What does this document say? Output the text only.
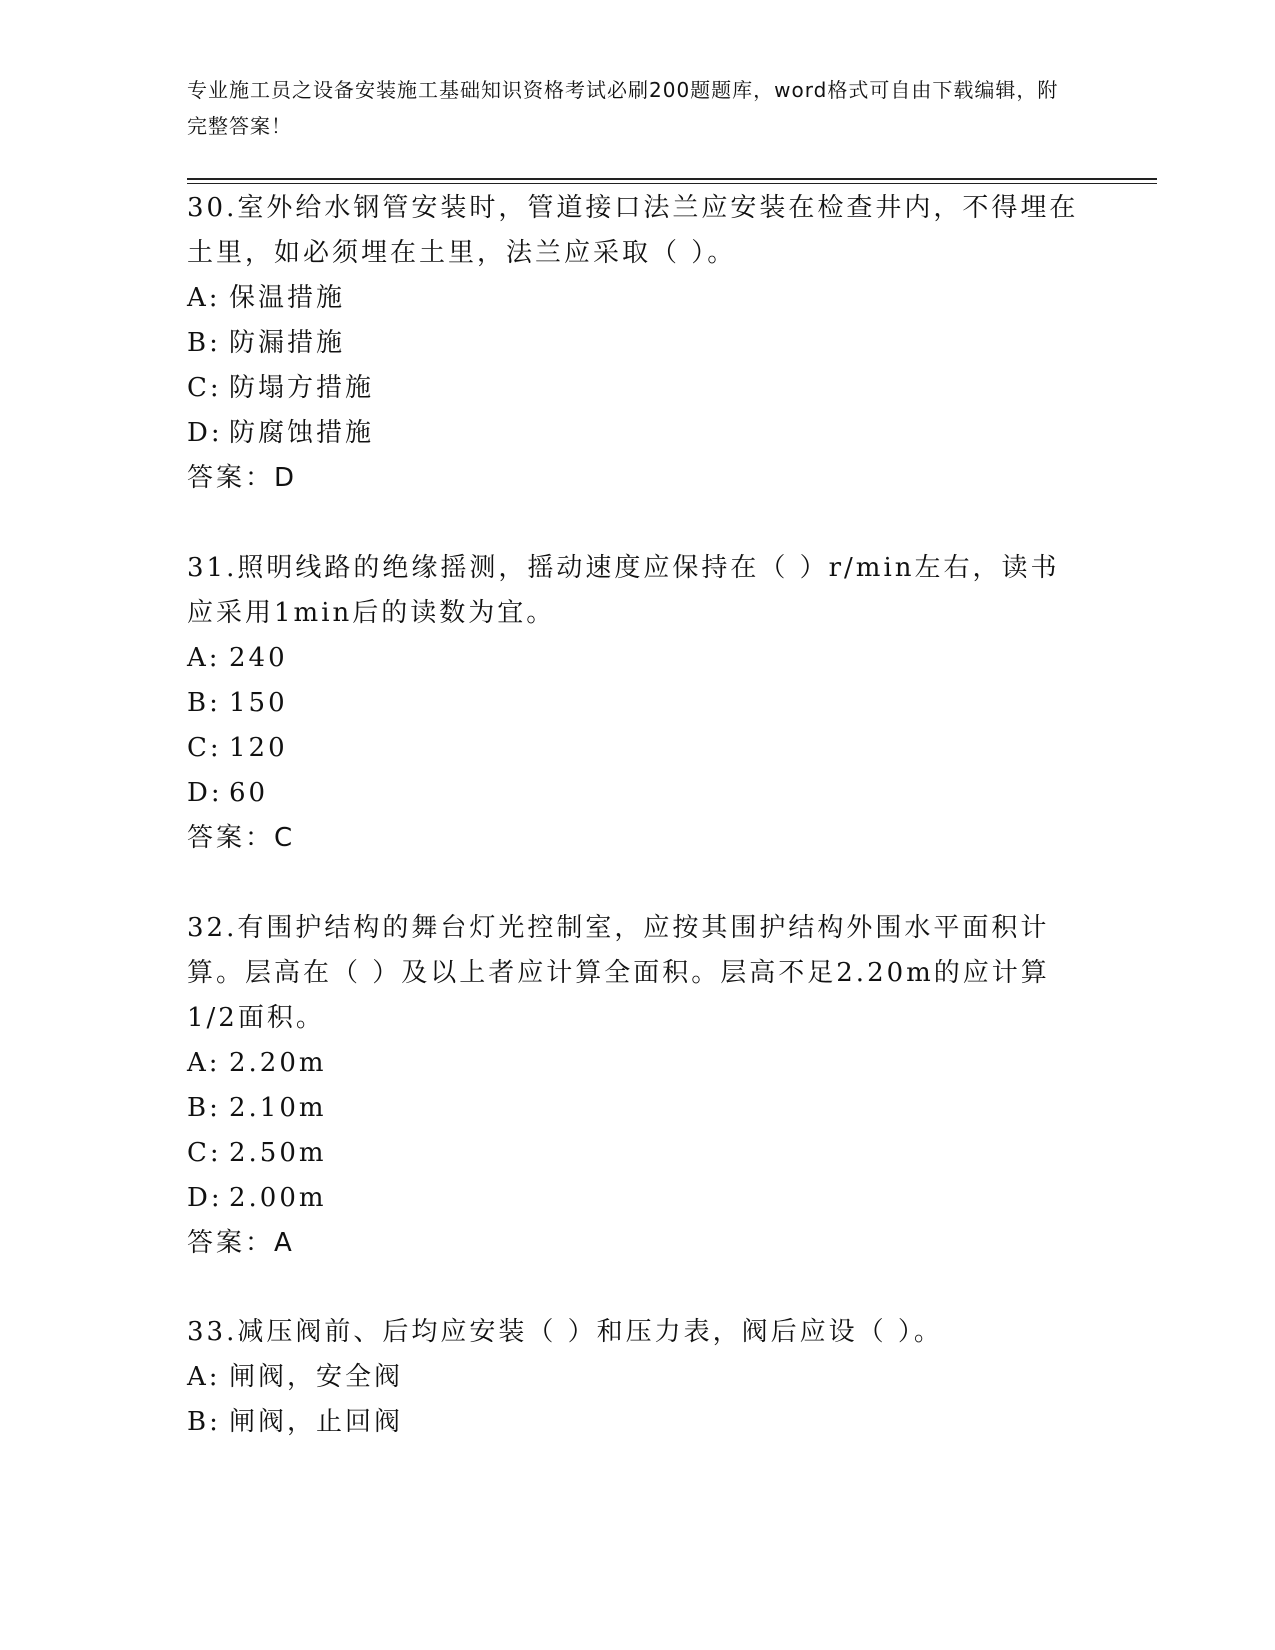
专业施工员之设备安装施工基础知识资格考试必刷200题题库，word格式可自由下载编辑，附完整答案！

30.室外给水钢管安装时，管道接口法兰应安装在检查井内，不得埋在土里，如必须埋在土里，法兰应采取（ ）。

A: 保温措施

B: 防漏措施

C: 防塌方措施

D: 防腐蚀措施

答案：D

31.照明线路的绝缘摇测，摇动速度应保持在（ ）r/min左右，读书应采用1min后的读数为宜。

A: 240

B: 150

C: 120

D: 60

答案：C

32.有围护结构的舞台灯光控制室，应按其围护结构外围水平面积计算。层高在（ ）及以上者应计算全面积。层高不足2.20m的应计算1/2面积。

A: 2.20m

B: 2.10m

C: 2.50m

D: 2.00m

答案：A

33.减压阀前、后均应安装（ ）和压力表，阀后应设（ ）。

A: 闸阀，安全阀

B: 闸阀，止回阀
